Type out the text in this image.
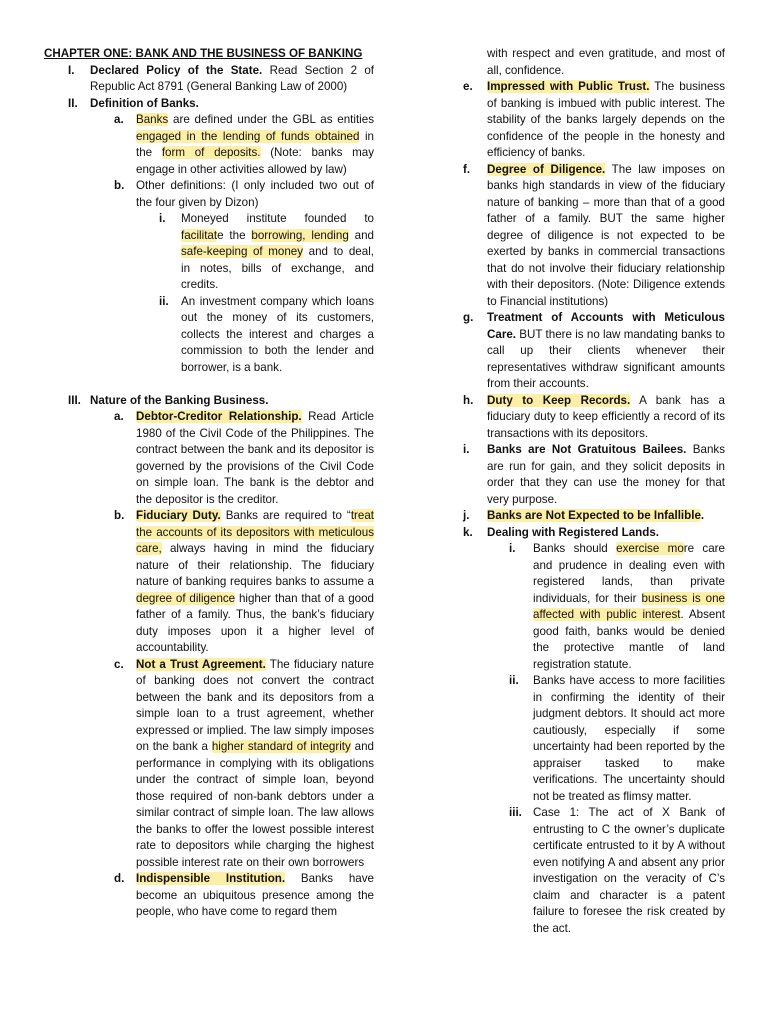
CHAPTER ONE: BANK AND THE BUSINESS OF BANKING

I.	Declared Policy of the State. Read Section 2 of Republic Act 8791 (General Banking Law of 2000)

II.	Definition of Banks.

a.	Banks are defined under the GBL as entities engaged in the lending of funds obtained in the form of deposits. (Note: banks may engage in other activities allowed by law)

b.	Other definitions: (I only included two out of the four given by Dizon)

i.	Moneyed institute founded to facilitate the borrowing, lending and safe-keeping of money and to deal, in notes, bills of exchange, and credits.

ii.	An investment company which loans out the money of its customers, collects the interest and charges a commission to both the lender and borrower, is a bank.

III. Nature of the Banking Business.

a.	Debtor-Creditor Relationship. Read Article 1980 of the Civil Code of the Philippines. The contract between the bank and its depositor is governed by the provisions of the Civil Code on simple loan. The bank is the debtor and the depositor is the creditor.

b.	Fiduciary Duty. Banks are required to “treat the accounts of its depositors with meticulous care, always having in mind the fiduciary nature of their relationship. The fiduciary nature of banking requires banks to assume a degree of diligence higher than that of a good father of a family. Thus, the bank’s fiduciary duty imposes upon it a higher level of accountability.

c.	Not a Trust Agreement. The fiduciary nature of banking does not convert the contract between the bank and its depositors from a simple loan to a trust agreement, whether expressed or implied. The law simply imposes on the bank a higher standard of integrity and performance in complying with its obligations under the contract of simple loan, beyond those required of non-bank debtors under a similar contract of simple loan. The law allows the banks to offer the lowest possible interest rate to depositors while charging the highest possible interest rate on their own borrowers

d.	Indispensible Institution. Banks have become an ubiquitous presence among the people, who have come to regard them

with respect and even gratitude, and most of all, confidence.

e.	Impressed with Public Trust. The business of banking is imbued with public interest. The stability of the banks largely depends on the confidence of the people in the honesty and efficiency of banks.

f.	Degree of Diligence. The law imposes on banks high standards in view of the fiduciary nature of banking – more than that of a good father of a family. BUT the same higher degree of diligence is not expected to be exerted by banks in commercial transactions that do not involve their fiduciary relationship with their depositors. (Note: Diligence extends to Financial institutions)

g.	Treatment of Accounts with Meticulous Care. BUT there is no law mandating banks to call up their clients whenever their representatives withdraw significant amounts from their accounts.

h.	Duty to Keep Records. A bank has a fiduciary duty to keep efficiently a record of its transactions with its depositors.

i.	Banks are Not Gratuitous Bailees. Banks are run for gain, and they solicit deposits in order that they can use the money for that very purpose.

j.	Banks are Not Expected to be Infallible.

k.	Dealing with Registered Lands.

i.	Banks should exercise more care and prudence in dealing even with registered lands, than private individuals, for their business is one affected with public interest. Absent good faith, banks would be denied the protective mantle of land registration statute.

ii.	Banks have access to more facilities in confirming the identity of their judgment debtors. It should act more cautiously, especially if some uncertainty had been reported by the appraiser tasked to make verifications. The uncertainty should not be treated as flimsy matter.

iii. Case 1: The act of X Bank of entrusting to C the owner’s duplicate certificate entrusted to it by A without even notifying A and absent any prior investigation on the veracity of C’s claim and character is a patent failure to foresee the risk created by the act.
